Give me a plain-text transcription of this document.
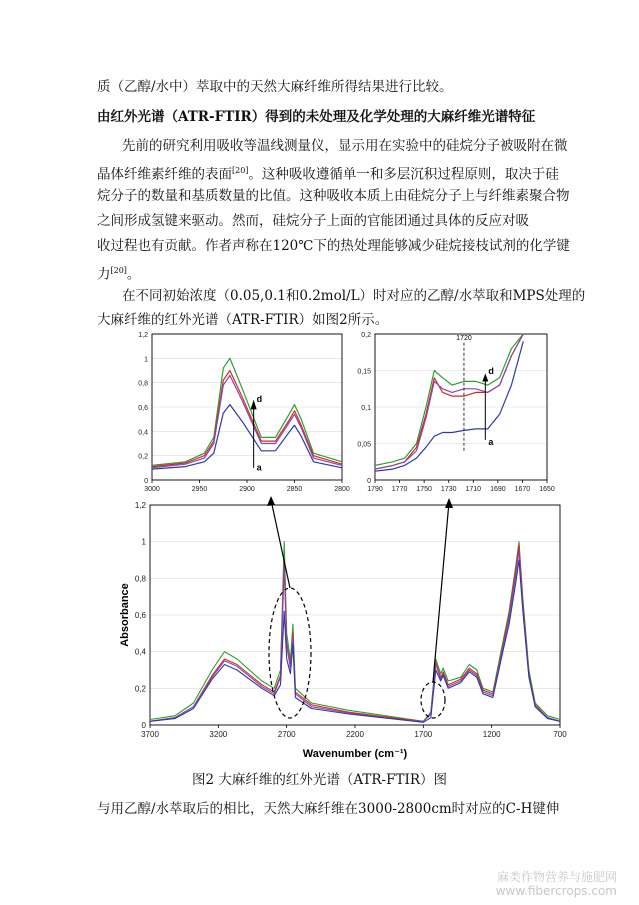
质（乙醇/水中）萃取中的天然大麻纤维所得结果进行比较。
由红外光谱（ATR-FTIR）得到的未处理及化学处理的大麻纤维光谱特征
先前的研究利用吸收等温线测量仪，显示用在实验中的硅烷分子被吸附在微
晶体纤维素纤维的表面[20]。这种吸收遵循单一和多层沉积过程原则，取决于硅
烷分子的数量和基质数量的比值。这种吸收本质上由硅烷分子上与纤维素聚合物
之间形成氢键来驱动。然而，硅烷分子上面的官能团通过具体的反应对吸
收过程也有贡献。作者声称在120℃下的热处理能够减少硅烷接枝试剂的化学键
力[20]。
在不同初始浓度（0.05,0.1和0.2mol/L）时对应的乙醇/水萃取和MPS处理的
大麻纤维的红外光谱（ATR-FTIR）如图2所示。
0
0,2
0,4
0,6
0,8
1
1,2
3000	2950	2900	2850	2800
d
a
0
0,05
0,1
0,15
0,2
1790 1770 1750 1730 1710 1690 1670 1650
1720
d
a
0
0,2
0,4
0,6
0,8
1
1,2
3700	3200	2700	2200	1700	1200	700
Absorbance
Wavenumber (cm⁻¹)
图2 大麻纤维的红外光谱（ATR-FTIR）图
与用乙醇/水萃取后的相比，天然大麻纤维在3000-2800cm时对应的C-H键伸
麻类作物营养与施肥网
www.fibercrops.com
